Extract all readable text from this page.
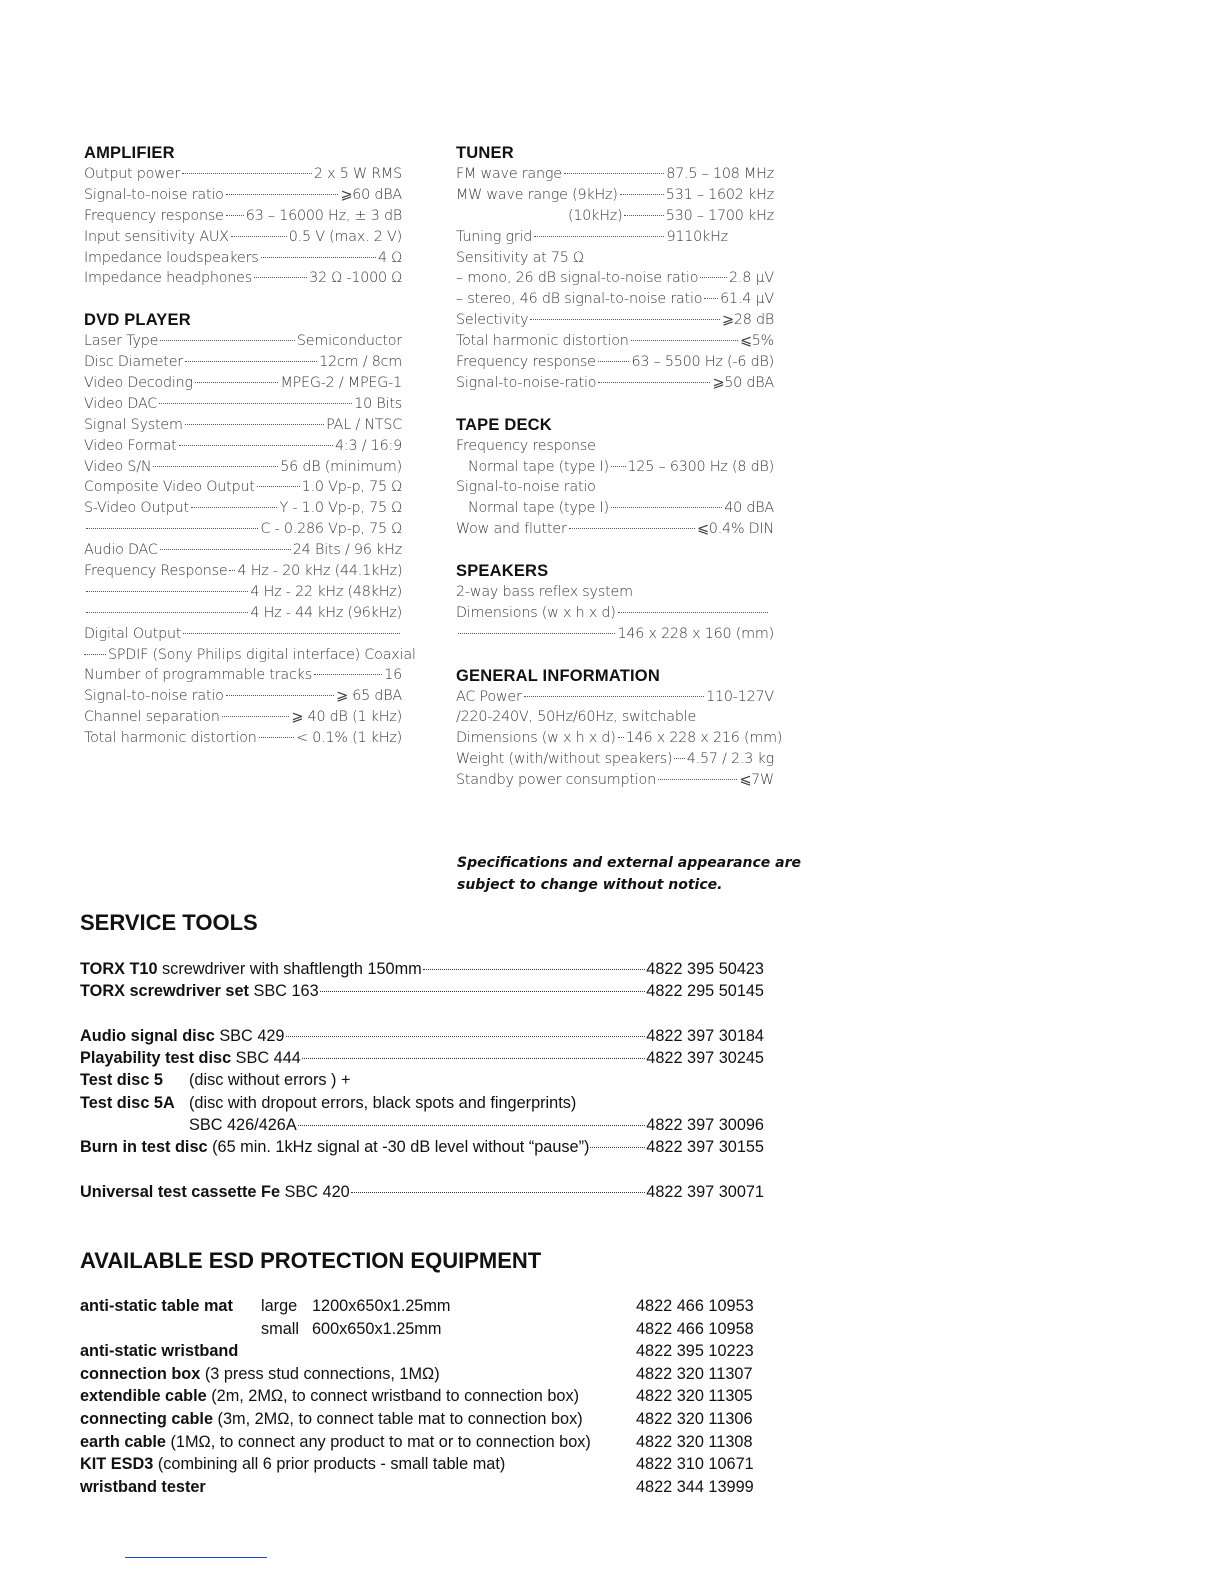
AMPLIFIER
Output power	2 x 5 W RMS
Signal-to-noise ratio	⩾60 dBA
Frequency response 63 – 16000 Hz, ± 3 dB
Input sensitivity AUX	0.5 V (max. 2 V)
Impedance loudspeakers	4 Ω
Impedance headphones	32 Ω -1000 Ω
DVD PLAYER
Laser Type	Semiconductor
Disc Diameter	12cm / 8cm
Video Decoding	MPEG-2 / MPEG-1
Video DAC	10 Bits
Signal System	PAL / NTSC
Video Format	4:3 / 16:9
Video S/N	56 dB (minimum)
Composite Video Output	1.0 Vp-p, 75 Ω
S-Video Output	Y - 1.0 Vp-p, 75 Ω
C - 0.286 Vp-p, 75 Ω
Audio DAC	24 Bits / 96 kHz
Frequency Response 4 Hz - 20 kHz (44.1kHz)
4 Hz - 22 kHz (48kHz)
4 Hz - 44 kHz (96kHz)
Digital Output
SPDIF (Sony Philips digital interface) Coaxial
Number of programmable tracks	16
Signal-to-noise ratio	⩾ 65 dBA
Channel separation	⩾ 40 dB (1 kHz)
Total harmonic distortion	< 0.1% (1 kHz)
TUNER
FM wave range	87.5 – 108 MHz
MW wave range (9kHz)	531 – 1602 kHz
(10kHz)	530 – 1700 kHz
Tuning grid	9110kHz
Sensitivity at 75 Ω
– mono, 26 dB signal-to-noise ratio 2.8 μV
– stereo, 46 dB signal-to-noise ratio 61.4 μV
Selectivity	⩾28 dB
Total harmonic distortion	⩽5%
Frequency response 63 – 5500 Hz (-6 dB)
Signal-to-noise-ratio	⩾50 dBA
TAPE DECK
Frequency response
Normal tape (type I) 125 – 6300 Hz (8 dB)
Signal-to-noise ratio
Normal tape (type I)	40 dBA
Wow and flutter	⩽0.4% DIN
SPEAKERS
2-way bass reflex system
Dimensions (w x h x d)
146 x 228 x 160 (mm)
GENERAL INFORMATION
AC Power	110-127V
/220-240V, 50Hz/60Hz, switchable
Dimensions (w x h x d) 146 x 228 x 216 (mm)
Weight (with/without speakers) 4.57 / 2.3 kg
Standby power consumption	⩽7W
Specifications and external appearance are
subject to change without notice.
SERVICE TOOLS
TORX T10 screwdriver with shaftlength 150mm	4822 395 50423
TORX screwdriver set SBC 163	4822 295 50145
Audio signal disc SBC 429	4822 397 30184
Playability test disc SBC 444	4822 397 30245
Test disc 5	(disc without errors ) +
Test disc 5A (disc with dropout errors, black spots and fingerprints)
SBC 426/426A	4822 397 30096
Burn in test disc (65 min. 1kHz signal at -30 dB level without “pause”)	4822 397 30155
Universal test cassette Fe SBC 420	4822 397 30071
AVAILABLE ESD PROTECTION EQUIPMENT
anti-static table mat large 1200x650x1.25mm	4822 466 10953
small 600x650x1.25mm	4822 466 10958
anti-static wristband	4822 395 10223
connection box (3 press stud connections, 1MΩ)	4822 320 11307
extendible cable (2m, 2MΩ, to connect wristband to connection box)	4822 320 11305
connecting cable (3m, 2MΩ, to connect table mat to connection box)	4822 320 11306
earth cable (1MΩ, to connect any product to mat or to connection box)	4822 320 11308
KIT ESD3 (combining all 6 prior products - small table mat)	4822 310 10671
wristband tester	4822 344 13999
